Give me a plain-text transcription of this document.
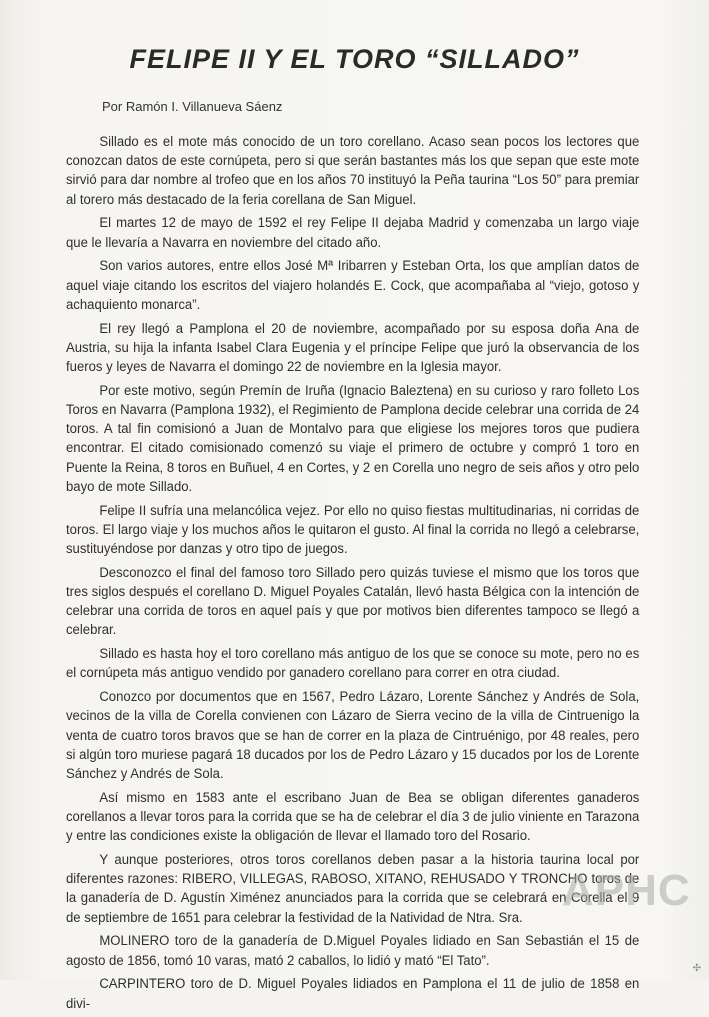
FELIPE II Y EL TORO “SILLADO”
Por Ramón I. Villanueva Sáenz

Sillado es el mote más conocido de un toro corellano. Acaso sean pocos los lectores que conozcan datos de este cornúpeta, pero si que serán bastantes más los que sepan que este mote sirvió para dar nombre al trofeo que en los años 70 instituyó la Peña taurina “Los 50” para premiar al torero más destacado de la feria corellana de San Miguel.

El martes 12 de mayo de 1592 el rey Felipe II dejaba Madrid y comenzaba un largo viaje que le llevaría a Navarra en noviembre del citado año.

Son varios autores, entre ellos José Mª Iribarren y Esteban Orta, los que amplían datos de aquel viaje citando los escritos del viajero holandés E. Cock, que acompañaba al “viejo, gotoso y achaquiento monarca”.

El rey llegó a Pamplona el 20 de noviembre, acompañado por su esposa doña Ana de Austria, su hija la infanta Isabel Clara Eugenia y el príncipe Felipe que juró la observancia de los fueros y leyes de Navarra el domingo 22 de noviembre en la Iglesia mayor.

Por este motivo, según Premín de Iruña (Ignacio Baleztena) en su curioso y raro folleto Los Toros en Navarra (Pamplona 1932), el Regimiento de Pamplona decide celebrar una corrida de 24 toros. A tal fin comisionó a Juan de Montalvo para que eligiese los mejores toros que pudiera encontrar. El citado comisionado comenzó su viaje el primero de octubre y compró 1 toro en Puente la Reina, 8 toros en Buñuel, 4 en Cortes, y 2 en Corella uno negro de seis años y otro pelo bayo de mote Sillado.

Felipe II sufría una melancólica vejez. Por ello no quiso fiestas multitudinarias, ni corridas de toros. El largo viaje y los muchos años le quitaron el gusto. Al final la corrida no llegó a celebrarse, sustituyéndose por danzas y otro tipo de juegos.

Desconozco el final del famoso toro Sillado pero quizás tuviese el mismo que los toros que tres siglos después el corellano D. Miguel Poyales Catalán, llevó hasta Bélgica con la intención de celebrar una corrida de toros en aquel país y que por motivos bien diferentes tampoco se llegó a celebrar.

Sillado es hasta hoy el toro corellano más antiguo de los que se conoce su mote, pero no es el cornúpeta más antiguo vendido por ganadero corellano para correr en otra ciudad.

Conozco por documentos que en 1567, Pedro Lázaro, Lorente Sánchez y Andrés de Sola, vecinos de la villa de Corella convienen con Lázaro de Sierra vecino de la villa de Cintruenigo la venta de cuatro toros bravos que se han de correr en la plaza de Cintruénigo, por 48 reales, pero si algún toro muriese pagará 18 ducados por los de Pedro Lázaro y 15 ducados por los de Lorente Sánchez y Andrés de Sola.

Así mismo en 1583 ante el escribano Juan de Bea se obligan diferentes ganaderos corellanos a llevar toros para la corrida que se ha de celebrar el día 3 de julio viniente en Tarazona y entre las condiciones existe la obligación de llevar el llamado toro del Rosario.

Y aunque posteriores, otros toros corellanos deben pasar a la historia taurina local por diferentes razones: RIBERO, VILLEGAS, RABOSO, XITANO, REHUSADO Y TRONCHO toros de la ganadería de D. Agustín Ximénez anunciados para la corrida que se celebrará en Corella el 9 de septiembre de 1651 para celebrar la festividad de la Natividad de Ntra. Sra.

MOLINERO toro de la ganadería de D.Miguel Poyales lidiado en San Sebastián el 15 de agosto de 1856, tomó 10 varas, mató 2 caballos, lo lidió y mató “El Tato”.

CARPINTERO toro de D. Miguel Poyales lidiados en Pamplona el 11 de julio de 1858 en divi-

APHC
✣
